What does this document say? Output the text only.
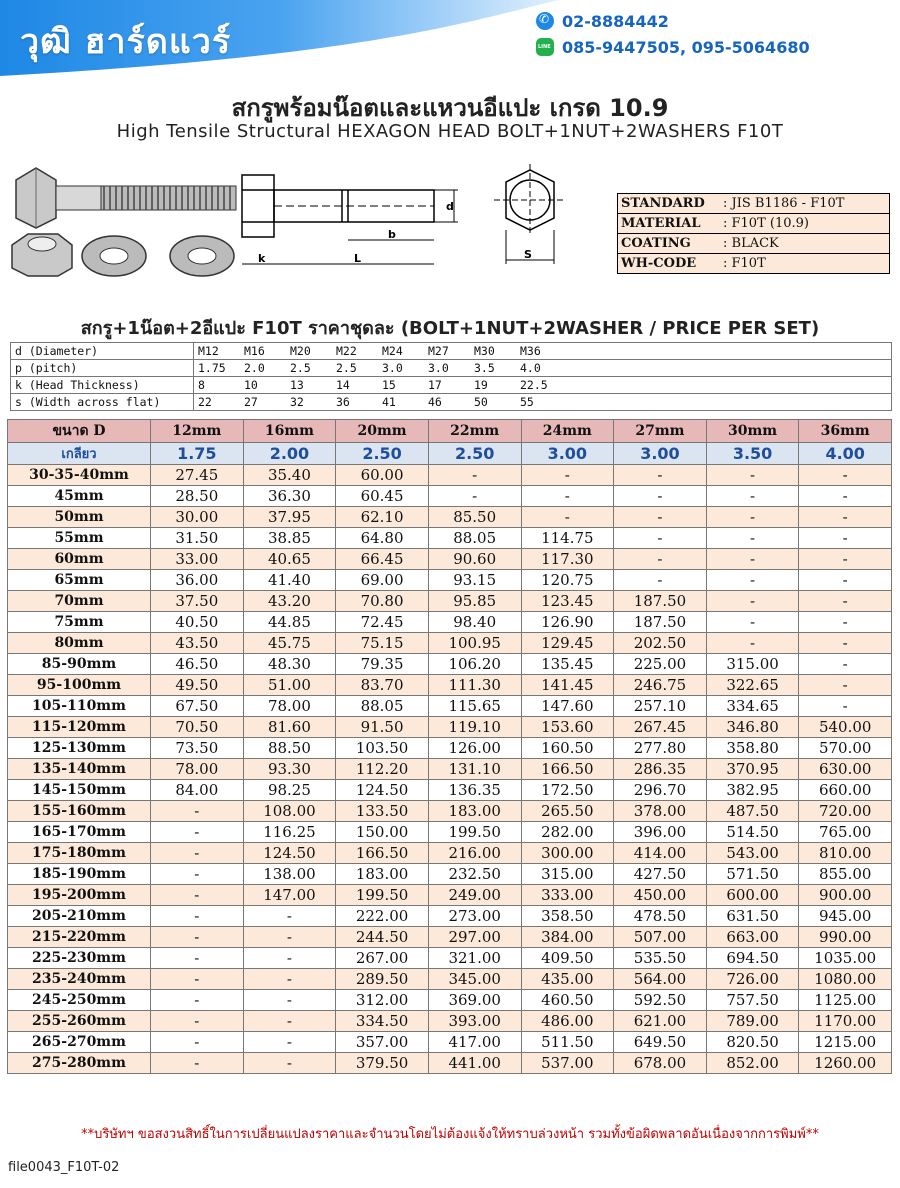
วุฒิ ฮาร์ดแวร์
✆02-8884442
LINE085-9447505, 095-5064680
สกรูพร้อมน๊อตและแหวนอีแปะ เกรด 10.9
High Tensile Structural HEXAGON HEAD BOLT+1NUT+2WASHERS F10T
b
L
k
d
S
STANDARD	: JIS B1186 - F10T
MATERIAL	: F10T (10.9)
COATING	: BLACK
WH-CODE	: F10T
สกรู+1น๊อต+2อีแปะ F10T ราคาชุดละ (BOLT+1NUT+2WASHER / PRICE PER SET)
d (Diameter)	M12	M16	M20	M22	M24	M27	M30	M36	
p (pitch)	1.75	2.0	2.5	2.5	3.0	3.0	3.5	4.0	
k (Head Thickness)	8	10	13	14	15	17	19	22.5	
s (Width across flat)	22	27	32	36	41	46	50	55	
ขนาด D	12mm	16mm	20mm	22mm	24mm	27mm	30mm	36mm
เกลียว	1.75	2.00	2.50	2.50	3.00	3.00	3.50	4.00
30-35-40mm	27.45	35.40	60.00	-	-	-	-	-
45mm	28.50	36.30	60.45	-	-	-	-	-
50mm	30.00	37.95	62.10	85.50	-	-	-	-
55mm	31.50	38.85	64.80	88.05	114.75	-	-	-
60mm	33.00	40.65	66.45	90.60	117.30	-	-	-
65mm	36.00	41.40	69.00	93.15	120.75	-	-	-
70mm	37.50	43.20	70.80	95.85	123.45	187.50	-	-
75mm	40.50	44.85	72.45	98.40	126.90	187.50	-	-
80mm	43.50	45.75	75.15	100.95	129.45	202.50	-	-
85-90mm	46.50	48.30	79.35	106.20	135.45	225.00	315.00	-
95-100mm	49.50	51.00	83.70	111.30	141.45	246.75	322.65	-
105-110mm	67.50	78.00	88.05	115.65	147.60	257.10	334.65	-
115-120mm	70.50	81.60	91.50	119.10	153.60	267.45	346.80	540.00
125-130mm	73.50	88.50	103.50	126.00	160.50	277.80	358.80	570.00
135-140mm	78.00	93.30	112.20	131.10	166.50	286.35	370.95	630.00
145-150mm	84.00	98.25	124.50	136.35	172.50	296.70	382.95	660.00
155-160mm	-	108.00	133.50	183.00	265.50	378.00	487.50	720.00
165-170mm	-	116.25	150.00	199.50	282.00	396.00	514.50	765.00
175-180mm	-	124.50	166.50	216.00	300.00	414.00	543.00	810.00
185-190mm	-	138.00	183.00	232.50	315.00	427.50	571.50	855.00
195-200mm	-	147.00	199.50	249.00	333.00	450.00	600.00	900.00
205-210mm	-	-	222.00	273.00	358.50	478.50	631.50	945.00
215-220mm	-	-	244.50	297.00	384.00	507.00	663.00	990.00
225-230mm	-	-	267.00	321.00	409.50	535.50	694.50	1035.00
235-240mm	-	-	289.50	345.00	435.00	564.00	726.00	1080.00
245-250mm	-	-	312.00	369.00	460.50	592.50	757.50	1125.00
255-260mm	-	-	334.50	393.00	486.00	621.00	789.00	1170.00
265-270mm	-	-	357.00	417.00	511.50	649.50	820.50	1215.00
275-280mm	-	-	379.50	441.00	537.00	678.00	852.00	1260.00
**บริษัทฯ ขอสงวนสิทธิ์ในการเปลี่ยนแปลงราคาและจำนวนโดยไม่ต้องแจ้งให้ทราบล่วงหน้า รวมทั้งข้อผิดพลาดอันเนื่องจากการพิมพ์**
file0043_F10T-02
